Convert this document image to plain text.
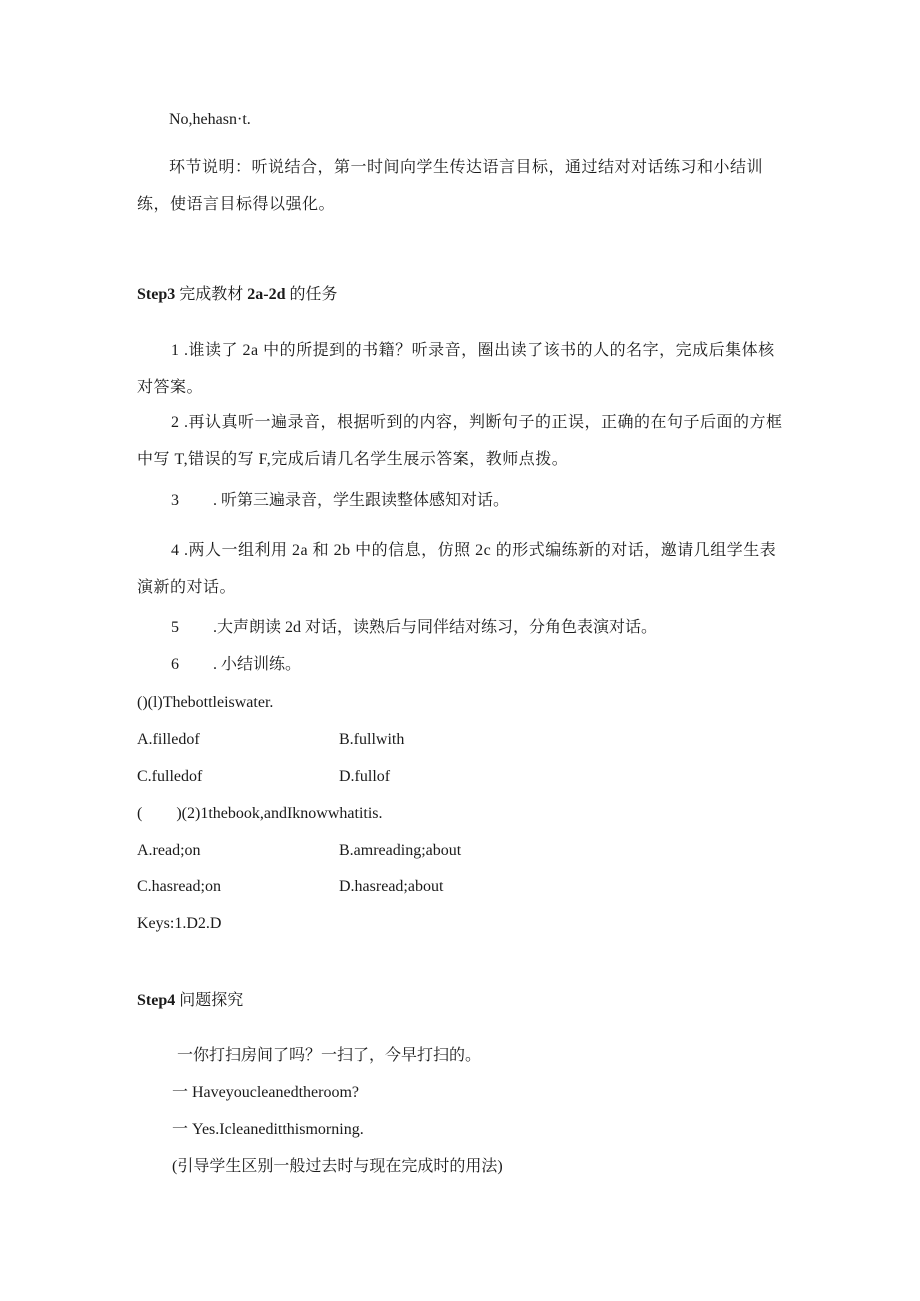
No,hehasn·t.
环节说明：听说结合，第一时间向学生传达语言目标，通过结对对话练习和小结训练，使语言目标得以强化。
Step3 完成教材 2a-2d 的任务
1 .谁读了 2a 中的所提到的书籍？听录音，圈出读了该书的人的名字，完成后集体核对答案。
2 .再认真听一遍录音，根据听到的内容，判断句子的正误，正确的在句子后面的方框中写 T,错误的写 F,完成后请几名学生展示答案，教师点拨。
3 . 听第三遍录音，学生跟读整体感知对话。
4 .两人一组利用 2a 和 2b 中的信息，仿照 2c 的形式编练新的对话，邀请几组学生表演新的对话。
5 .大声朗读 2d 对话，读熟后与同伴结对练习，分角色表演对话。
6 . 小结训练。
()(l)Thebottleiswater.
A.filledof	B.fullwith
C.fulledof	D.fullof
( )(2)1thebook,andIknowwhatitis.
A.read;on	B.amreading;about
C.hasread;on	D.hasread;about
Keys:1.D2.D
Step4 问题探究
一你打扫房间了吗？一扫了，今早打扫的。
一 Haveyoucleanedtheroom?
一 Yes.Icleaneditthismorning.
(引导学生区别一般过去时与现在完成时的用法)
